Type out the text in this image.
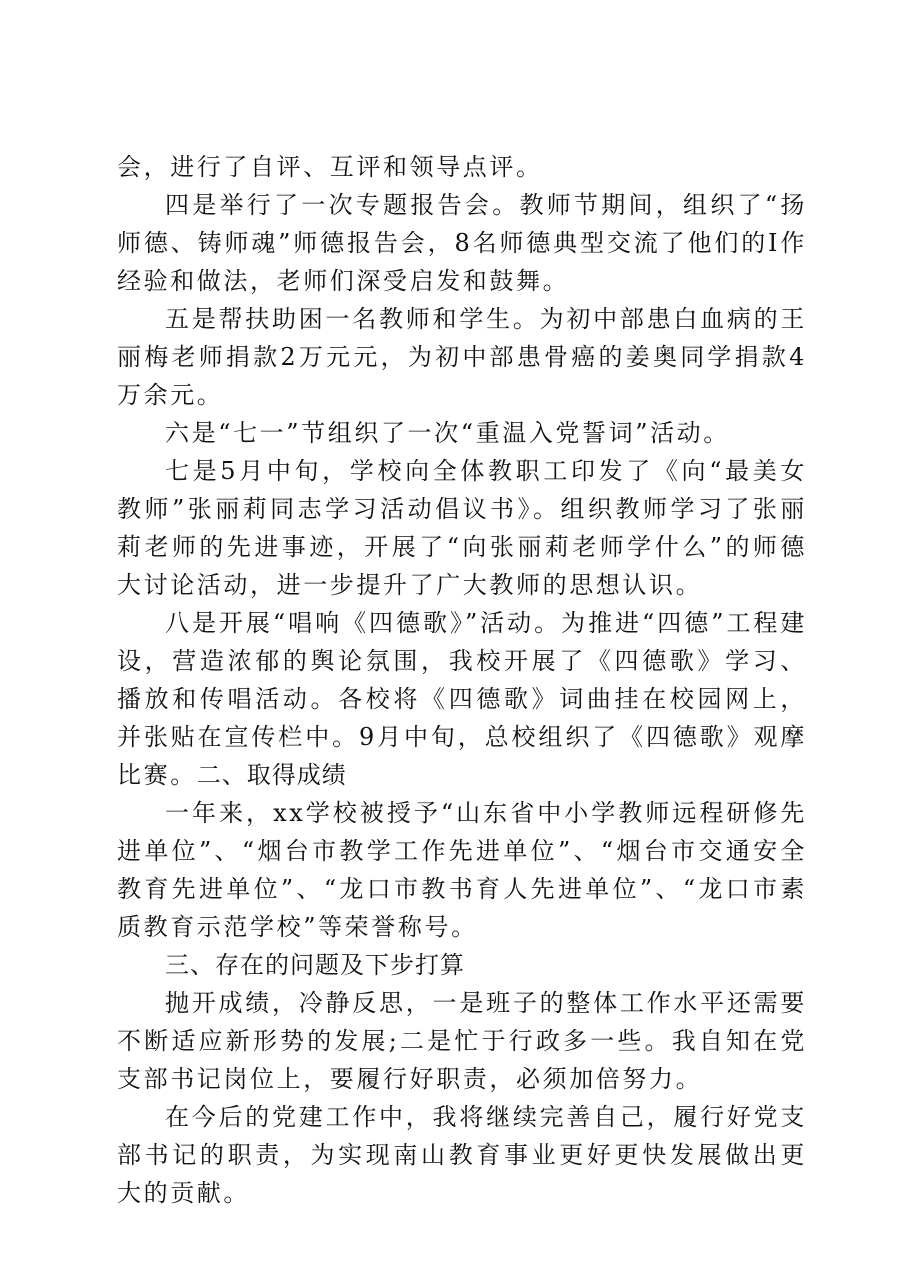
会，进行了自评、互评和领导点评。

四是举行了一次专题报告会。教师节期间，组织了“扬师德、铸师魂”师德报告会，8名师德典型交流了他们的I作经验和做法，老师们深受启发和鼓舞。

五是帮扶助困一名教师和学生。为初中部患白血病的王丽梅老师捐款2万元元，为初中部患骨癌的姜奥同学捐款4万余元。

六是“七一”节组织了一次“重温入党誓词”活动。

七是5月中旬，学校向全体教职工印发了《向“最美女教师”张丽莉同志学习活动倡议书》。组织教师学习了张丽莉老师的先进事迹，开展了“向张丽莉老师学什么”的师德大讨论活动，进一步提升了广大教师的思想认识。

八是开展“唱响《四德歌》”活动。为推进“四德”工程建设，营造浓郁的舆论氛围，我校开展了《四德歌》学习、播放和传唱活动。各校将《四德歌》词曲挂在校园网上，并张贴在宣传栏中。9月中旬，总校组织了《四德歌》观摩比赛。二、取得成绩

一年来，xx学校被授予“山东省中小学教师远程研修先进单位”、“烟台市教学工作先进单位”、“烟台市交通安全教育先进单位”、“龙口市教书育人先进单位”、“龙口市素质教育示范学校”等荣誉称号。

三、存在的问题及下步打算

抛开成绩，冷静反思，一是班子的整体工作水平还需要不断适应新形势的发展;二是忙于行政多一些。我自知在党支部书记岗位上，要履行好职责，必须加倍努力。

在今后的党建工作中，我将继续完善自己，履行好党支部书记的职责，为实现南山教育事业更好更快发展做出更大的贡献。
